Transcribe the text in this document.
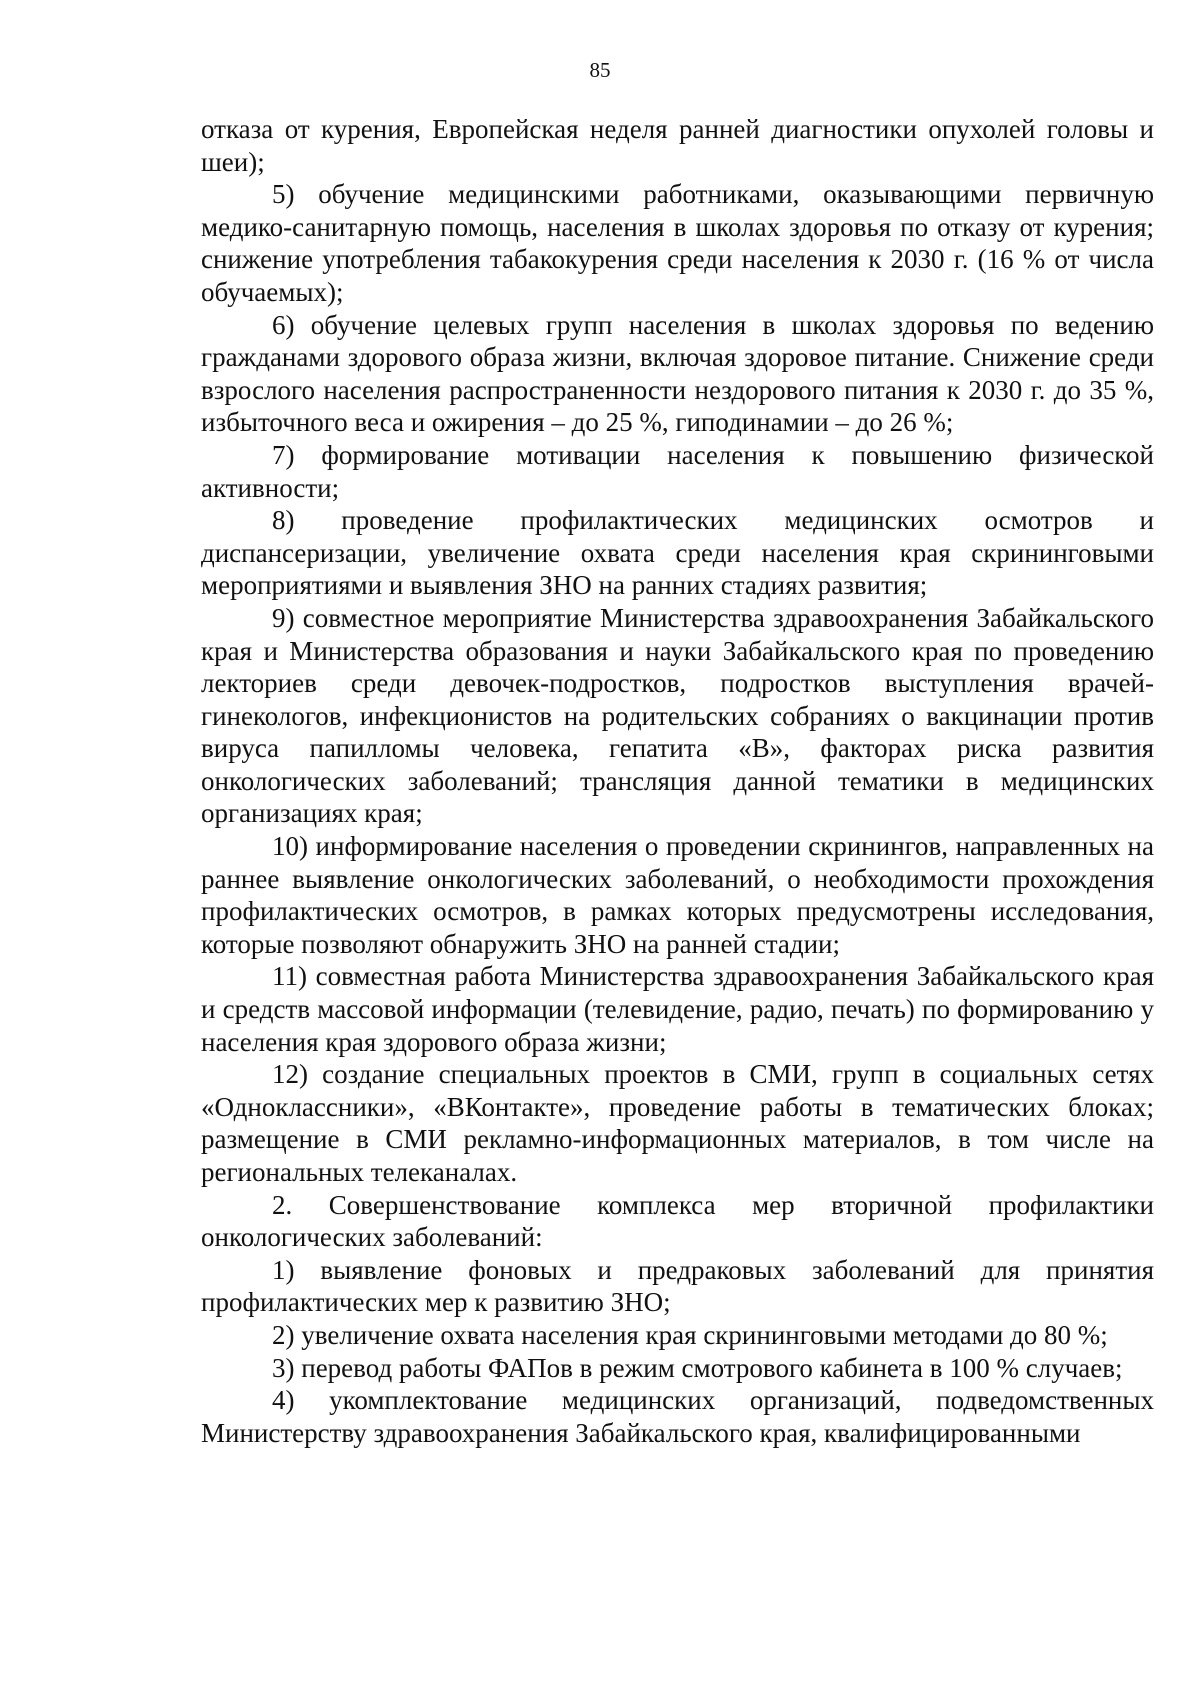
85

отказа от курения, Европейская неделя ранней диагностики опухолей головы и шеи);

5) обучение медицинскими работниками, оказывающими первичную медико-санитарную помощь, населения в школах здоровья по отказу от курения; снижение употребления табакокурения среди населения к 2030 г. (16 % от числа обучаемых);

6) обучение целевых групп населения в школах здоровья по ведению гражданами здорового образа жизни, включая здоровое питание. Снижение среди взрослого населения распространенности нездорового питания к 2030 г. до 35 %, избыточного веса и ожирения – до 25 %, гиподинамии – до 26 %;

7) формирование мотивации населения к повышению физической активности;

8) проведение профилактических медицинских осмотров и диспансеризации, увеличение охвата среди населения края скрининговыми мероприятиями и выявления ЗНО на ранних стадиях развития;

9) совместное мероприятие Министерства здравоохранения Забайкальского края и Министерства образования и науки Забайкальского края по проведению лекториев среди девочек-подростков, подростков выступления врачей-гинекологов, инфекционистов на родительских собраниях о вакцинации против вируса папилломы человека, гепатита «В», факторах риска развития онкологических заболеваний; трансляция данной тематики в медицинских организациях края;

10) информирование населения о проведении скринингов, направленных на раннее выявление онкологических заболеваний, о необходимости прохождения профилактических осмотров, в рамках которых предусмотрены исследования, которые позволяют обнаружить ЗНО на ранней стадии;

11) совместная работа Министерства здравоохранения Забайкальского края и средств массовой информации (телевидение, радио, печать) по формированию у населения края здорового образа жизни;

12) создание специальных проектов в СМИ, групп в социальных сетях «Одноклассники», «ВКонтакте», проведение работы в тематических блоках; размещение в СМИ рекламно-информационных материалов, в том числе на региональных телеканалах.

2. Совершенствование комплекса мер вторичной профилактики онкологических заболеваний:

1) выявление фоновых и предраковых заболеваний для принятия профилактических мер к развитию ЗНО;

2) увеличение охвата населения края скрининговыми методами до 80 %;

3) перевод работы ФАПов в режим смотрового кабинета в 100 % случаев;

4) укомплектование медицинских организаций, подведомственных Министерству здравоохранения Забайкальского края, квалифицированными
